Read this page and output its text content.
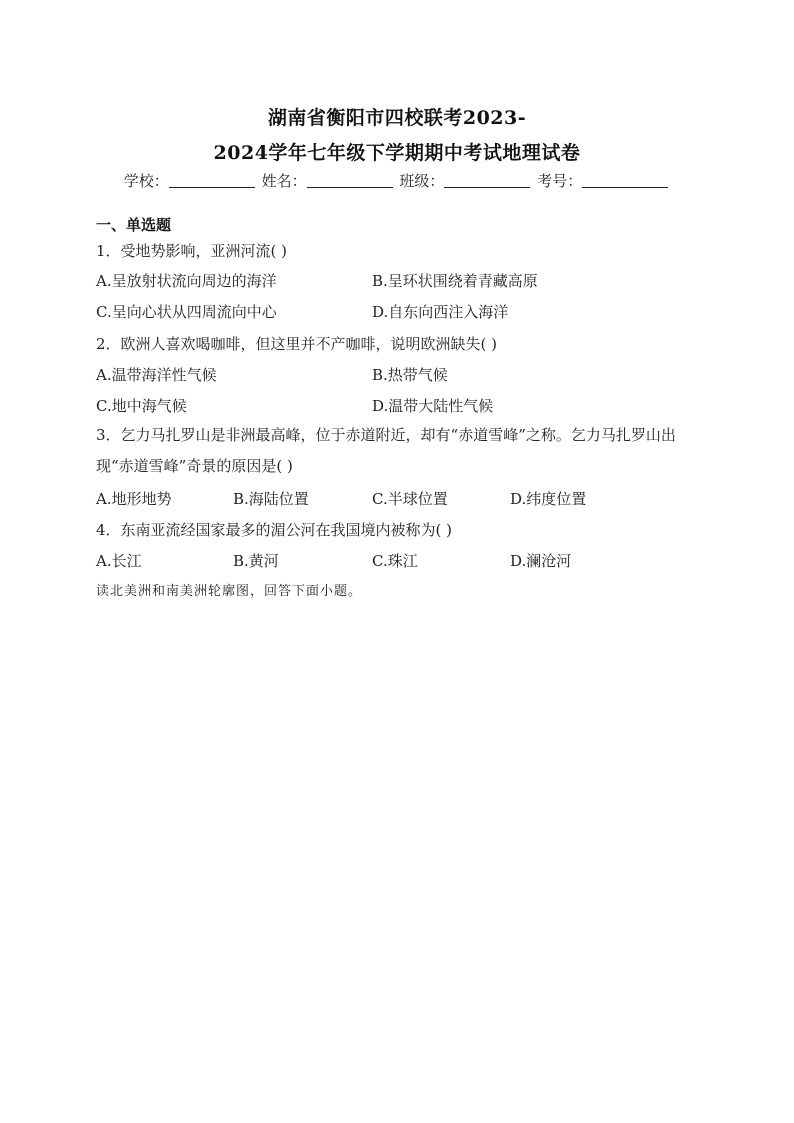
湖南省衡阳市四校联考2023-
2024学年七年级下学期期中考试地理试卷
学校：	姓名：	班级：	考号：
一、单选题
1．受地势影响，亚洲河流( )
A.呈放射状流向周边的海洋	B.呈环状围绕着青藏高原
C.呈向心状从四周流向中心	D.自东向西注入海洋
2．欧洲人喜欢喝咖啡，但这里并不产咖啡，说明欧洲缺失( )
A.温带海洋性气候	B.热带气候
C.地中海气候	D.温带大陆性气候
3．乞力马扎罗山是非洲最高峰，位于赤道附近，却有“赤道雪峰”之称。乞力马扎罗山出现“赤道雪峰”奇景的原因是( )
A.地形地势	B.海陆位置	C.半球位置	D.纬度位置
4．东南亚流经国家最多的湄公河在我国境内被称为( )
A.长江	B.黄河	C.珠江	D.澜沧河
读北美洲和南美洲轮廓图，回答下面小题。
